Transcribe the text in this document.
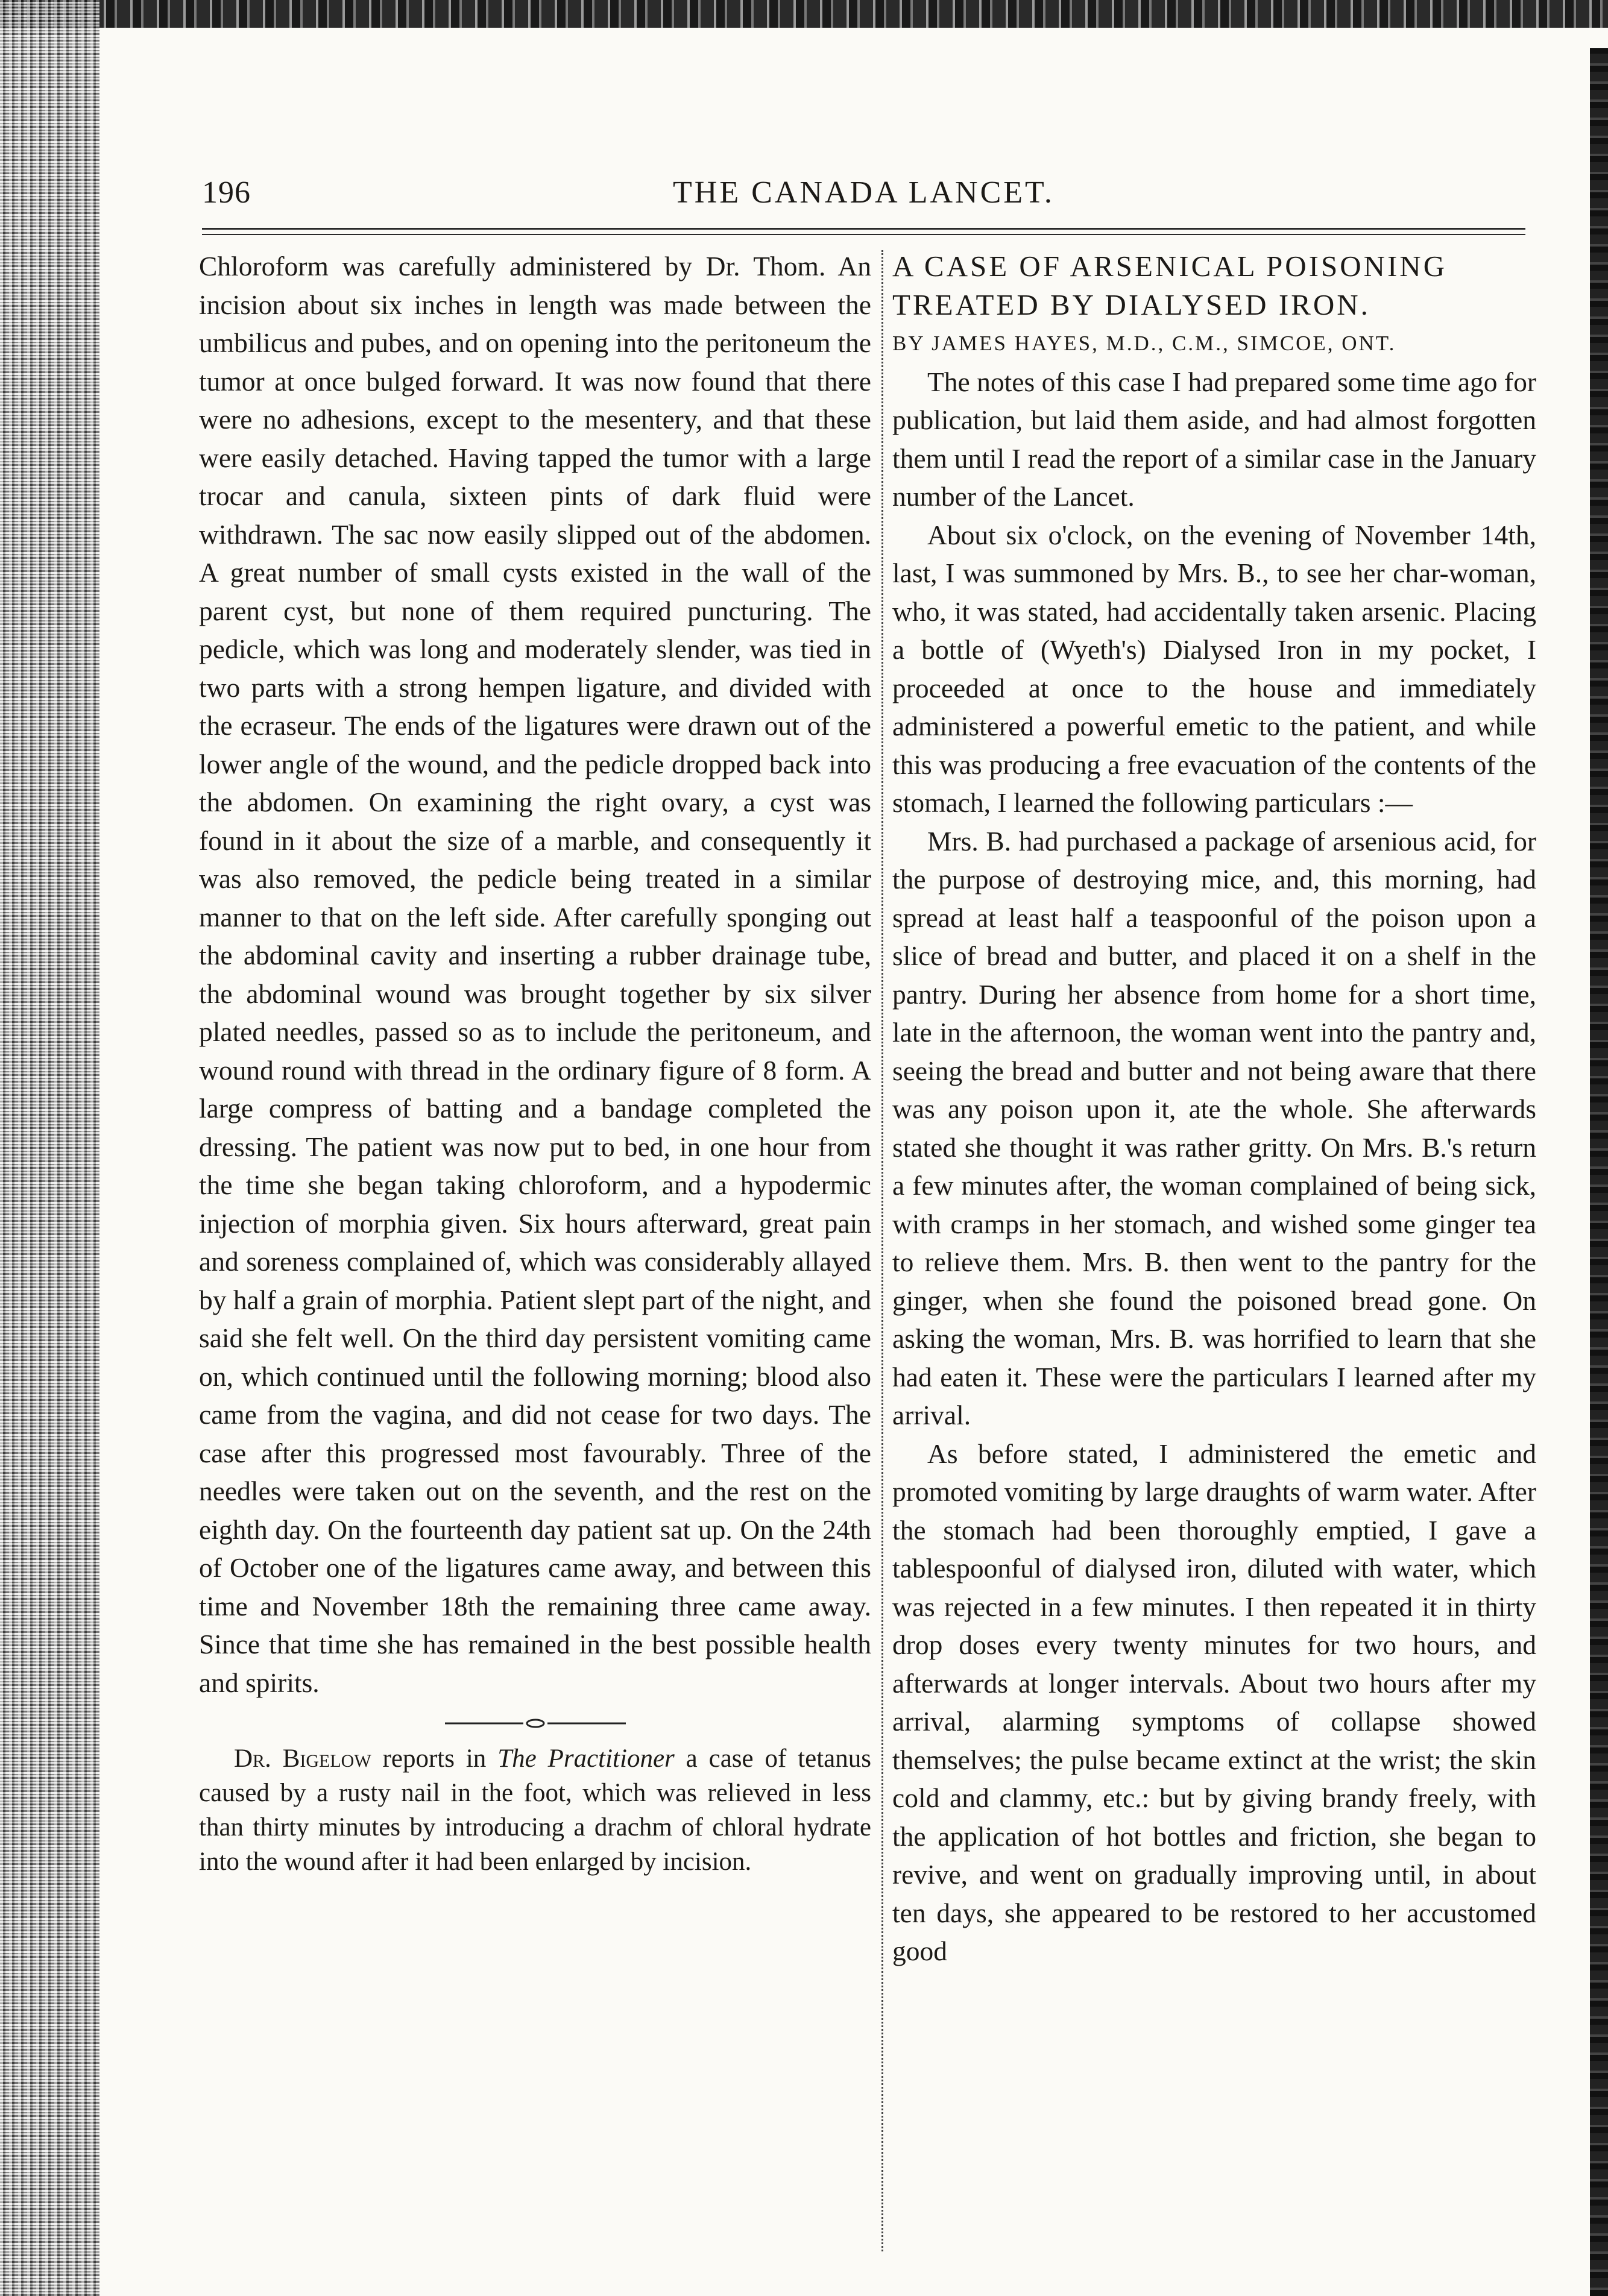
196	THE CANADA LANCET.

Chloroform was carefully administered by Dr. Thom. An incision about six inches in length was made between the umbilicus and pubes, and on opening into the peritoneum the tumor at once bulged forward. It was now found that there were no adhesions, except to the mesentery, and that these were easily detached. Having tapped the tumor with a large trocar and canula, sixteen pints of dark fluid were withdrawn. The sac now easily slipped out of the abdomen. A great number of small cysts existed in the wall of the parent cyst, but none of them required puncturing. The pedicle, which was long and moderately slender, was tied in two parts with a strong hempen ligature, and divided with the ecraseur. The ends of the ligatures were drawn out of the lower angle of the wound, and the pedicle dropped back into the abdomen. On examining the right ovary, a cyst was found in it about the size of a marble, and consequently it was also removed, the pedicle being treated in a similar manner to that on the left side. After carefully sponging out the abdominal cavity and inserting a rubber drainage tube, the abdominal wound was brought together by six silver plated needles, passed so as to include the peritoneum, and wound round with thread in the ordinary figure of 8 form. A large compress of batting and a bandage completed the dressing. The patient was now put to bed, in one hour from the time she began taking chloroform, and a hypodermic injection of morphia given. Six hours afterward, great pain and soreness complained of, which was considerably allayed by half a grain of morphia. Patient slept part of the night, and said she felt well. On the third day persistent vomiting came on, which continued until the following morning; blood also came from the vagina, and did not cease for two days. The case after this progressed most favourably. Three of the needles were taken out on the seventh, and the rest on the eighth day. On the fourteenth day patient sat up. On the 24th of October one of the ligatures came away, and between this time and November 18th the remaining three came away. Since that time she has remained in the best possible health and spirits.

Dr. Bigelow reports in The Practitioner a case of tetanus caused by a rusty nail in the foot, which was relieved in less than thirty minutes by introducing a drachm of chloral hydrate into the wound after it had been enlarged by incision.

A CASE OF ARSENICAL POISONING

TREATED BY DIALYSED IRON.

BY JAMES HAYES, M.D., C.M., SIMCOE, ONT.

The notes of this case I had prepared some time ago for publication, but laid them aside, and had almost forgotten them until I read the report of a similar case in the January number of the Lancet.

About six o'clock, on the evening of November 14th, last, I was summoned by Mrs. B., to see her char-woman, who, it was stated, had accidentally taken arsenic. Placing a bottle of (Wyeth's) Dialysed Iron in my pocket, I proceeded at once to the house and immediately administered a powerful emetic to the patient, and while this was producing a free evacuation of the contents of the stomach, I learned the following particulars :—

Mrs. B. had purchased a package of arsenious acid, for the purpose of destroying mice, and, this morning, had spread at least half a teaspoonful of the poison upon a slice of bread and butter, and placed it on a shelf in the pantry. During her absence from home for a short time, late in the afternoon, the woman went into the pantry and, seeing the bread and butter and not being aware that there was any poison upon it, ate the whole. She afterwards stated she thought it was rather gritty. On Mrs. B.'s return a few minutes after, the woman complained of being sick, with cramps in her stomach, and wished some ginger tea to relieve them. Mrs. B. then went to the pantry for the ginger, when she found the poisoned bread gone. On asking the woman, Mrs. B. was horrified to learn that she had eaten it. These were the particulars I learned after my arrival.

As before stated, I administered the emetic and promoted vomiting by large draughts of warm water. After the stomach had been thoroughly emptied, I gave a tablespoonful of dialysed iron, diluted with water, which was rejected in a few minutes. I then repeated it in thirty drop doses every twenty minutes for two hours, and afterwards at longer intervals. About two hours after my arrival, alarming symptoms of collapse showed themselves; the pulse became extinct at the wrist; the skin cold and clammy, etc.: but by giving brandy freely, with the application of hot bottles and friction, she began to revive, and went on gradually improving until, in about ten days, she appeared to be restored to her accustomed good
